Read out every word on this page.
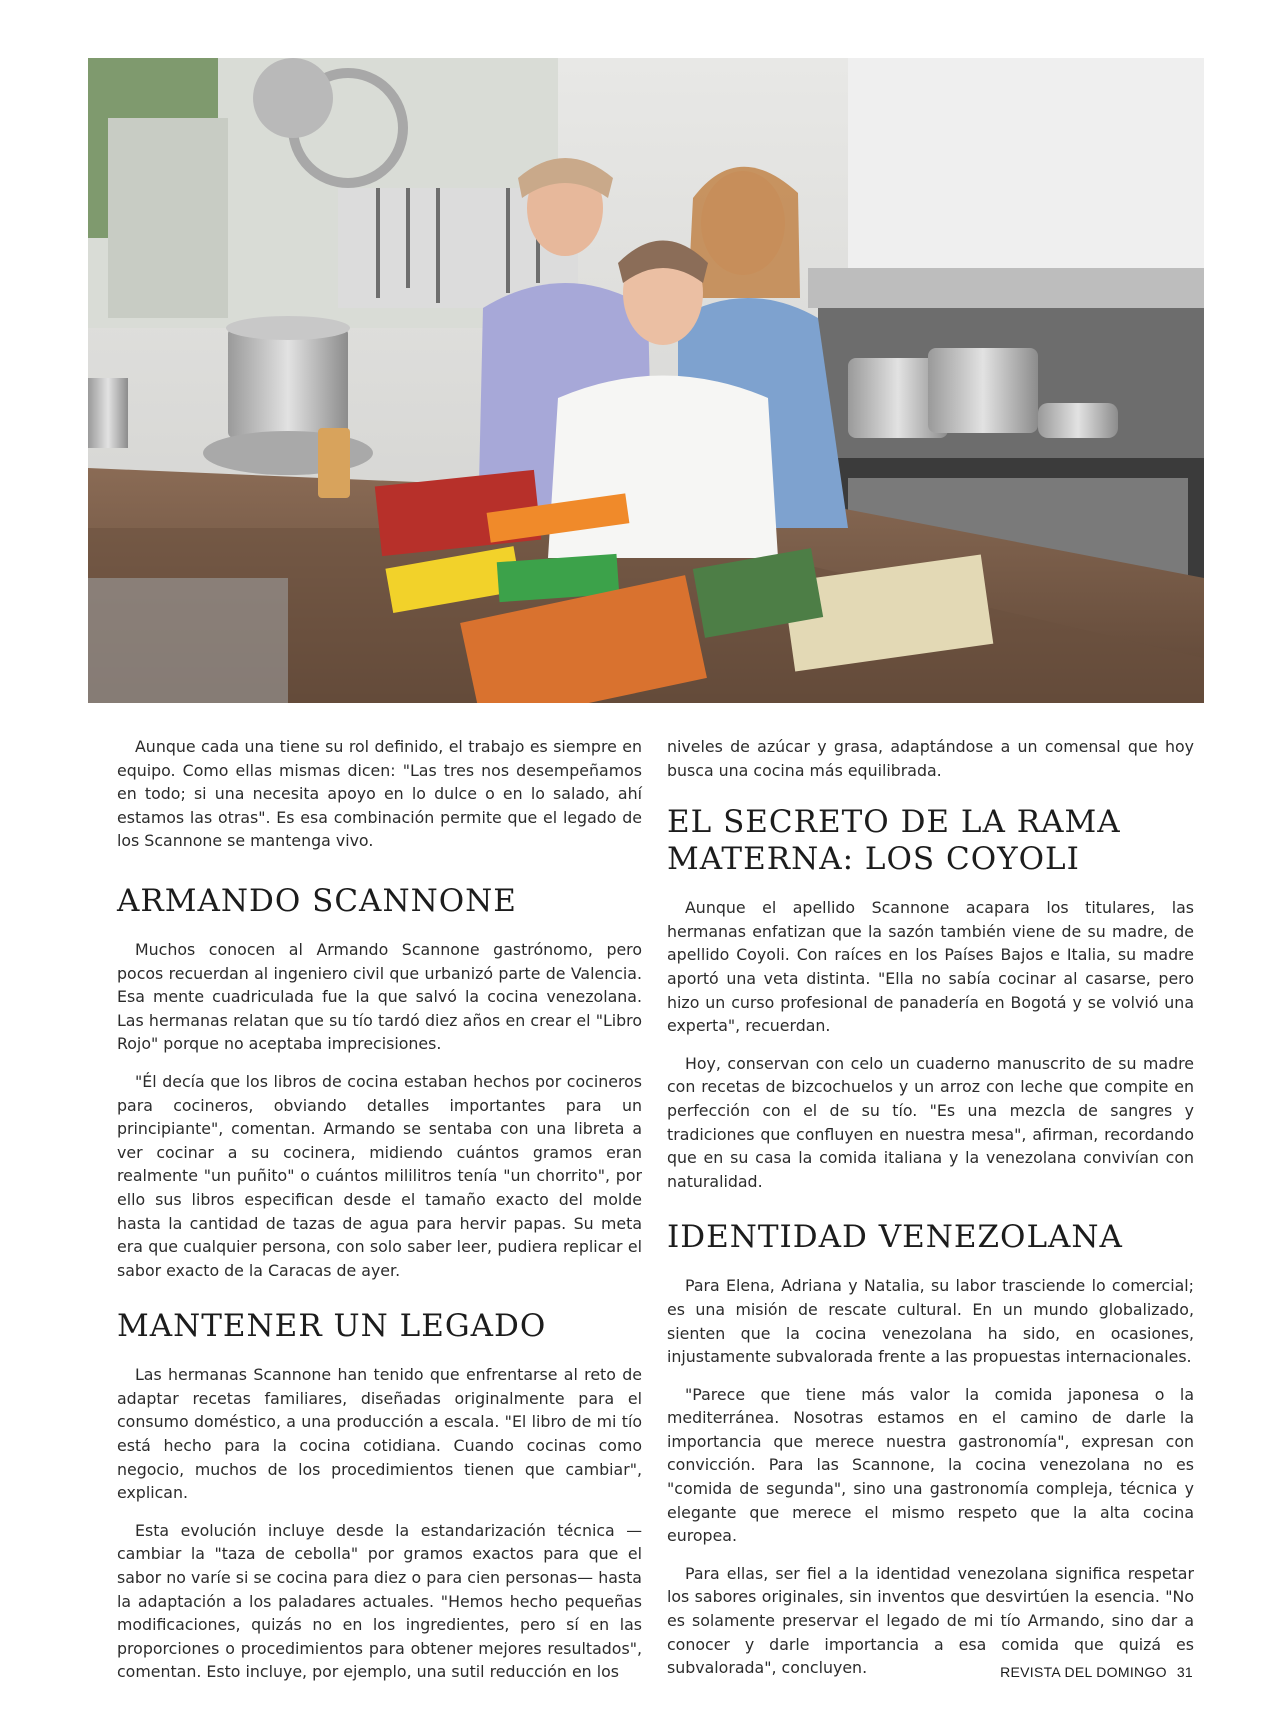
Aunque cada una tiene su rol definido, el trabajo es siempre en equipo. Como ellas mismas dicen: "Las tres nos desempeñamos en todo; si una necesita apoyo en lo dulce o en lo salado, ahí estamos las otras". Es esa combinación permite que el legado de los Scannone se mantenga vivo.

ARMANDO SCANNONE

Muchos conocen al Armando Scannone gastrónomo, pero pocos recuerdan al ingeniero civil que urbanizó parte de Valencia. Esa mente cuadriculada fue la que salvó la cocina venezolana. Las hermanas relatan que su tío tardó diez años en crear el "Libro Rojo" porque no aceptaba imprecisiones.

"Él decía que los libros de cocina estaban hechos por cocineros para cocineros, obviando detalles importantes para un principiante", comentan. Armando se sentaba con una libreta a ver cocinar a su cocinera, midiendo cuántos gramos eran realmente "un puñito" o cuántos mililitros tenía "un chorrito", por ello sus libros especifican desde el tamaño exacto del molde hasta la cantidad de tazas de agua para hervir papas. Su meta era que cualquier persona, con solo saber leer, pudiera replicar el sabor exacto de la Caracas de ayer.

MANTENER UN LEGADO

Las hermanas Scannone han tenido que enfrentarse al reto de adaptar recetas familiares, diseñadas originalmente para el consumo doméstico, a una producción a escala. "El libro de mi tío está hecho para la cocina cotidiana. Cuando cocinas como negocio, muchos de los procedimientos tienen que cambiar", explican.

Esta evolución incluye desde la estandarización técnica —cambiar la "taza de cebolla" por gramos exactos para que el sabor no varíe si se cocina para diez o para cien personas— hasta la adaptación a los paladares actuales. "Hemos hecho pequeñas modificaciones, quizás no en los ingredientes, pero sí en las proporciones o procedimientos para obtener mejores resultados", comentan. Esto incluye, por ejemplo, una sutil reducción en los

niveles de azúcar y grasa, adaptándose a un comensal que hoy busca una cocina más equilibrada.

EL SECRETO DE LA RAMA MATERNA: LOS COYOLI

Aunque el apellido Scannone acapara los titulares, las hermanas enfatizan que la sazón también viene de su madre, de apellido Coyoli. Con raíces en los Países Bajos e Italia, su madre aportó una veta distinta. "Ella no sabía cocinar al casarse, pero hizo un curso profesional de panadería en Bogotá y se volvió una experta", recuerdan.

Hoy, conservan con celo un cuaderno manuscrito de su madre con recetas de bizcochuelos y un arroz con leche que compite en perfección con el de su tío. "Es una mezcla de sangres y tradiciones que confluyen en nuestra mesa", afirman, recordando que en su casa la comida italiana y la venezolana convivían con naturalidad.

IDENTIDAD VENEZOLANA

Para Elena, Adriana y Natalia, su labor trasciende lo comercial; es una misión de rescate cultural. En un mundo globalizado, sienten que la cocina venezolana ha sido, en ocasiones, injustamente subvalorada frente a las propuestas internacionales.

"Parece que tiene más valor la comida japonesa o la mediterránea. Nosotras estamos en el camino de darle la importancia que merece nuestra gastronomía", expresan con convicción. Para las Scannone, la cocina venezolana no es "comida de segunda", sino una gastronomía compleja, técnica y elegante que merece el mismo respeto que la alta cocina europea.

Para ellas, ser fiel a la identidad venezolana significa respetar los sabores originales, sin inventos que desvirtúen la esencia. "No es solamente preservar el legado de mi tío Armando, sino dar a conocer y darle importancia a esa comida que quizá es subvalorada", concluyen.	REVISTA DEL DOMINGO 31
